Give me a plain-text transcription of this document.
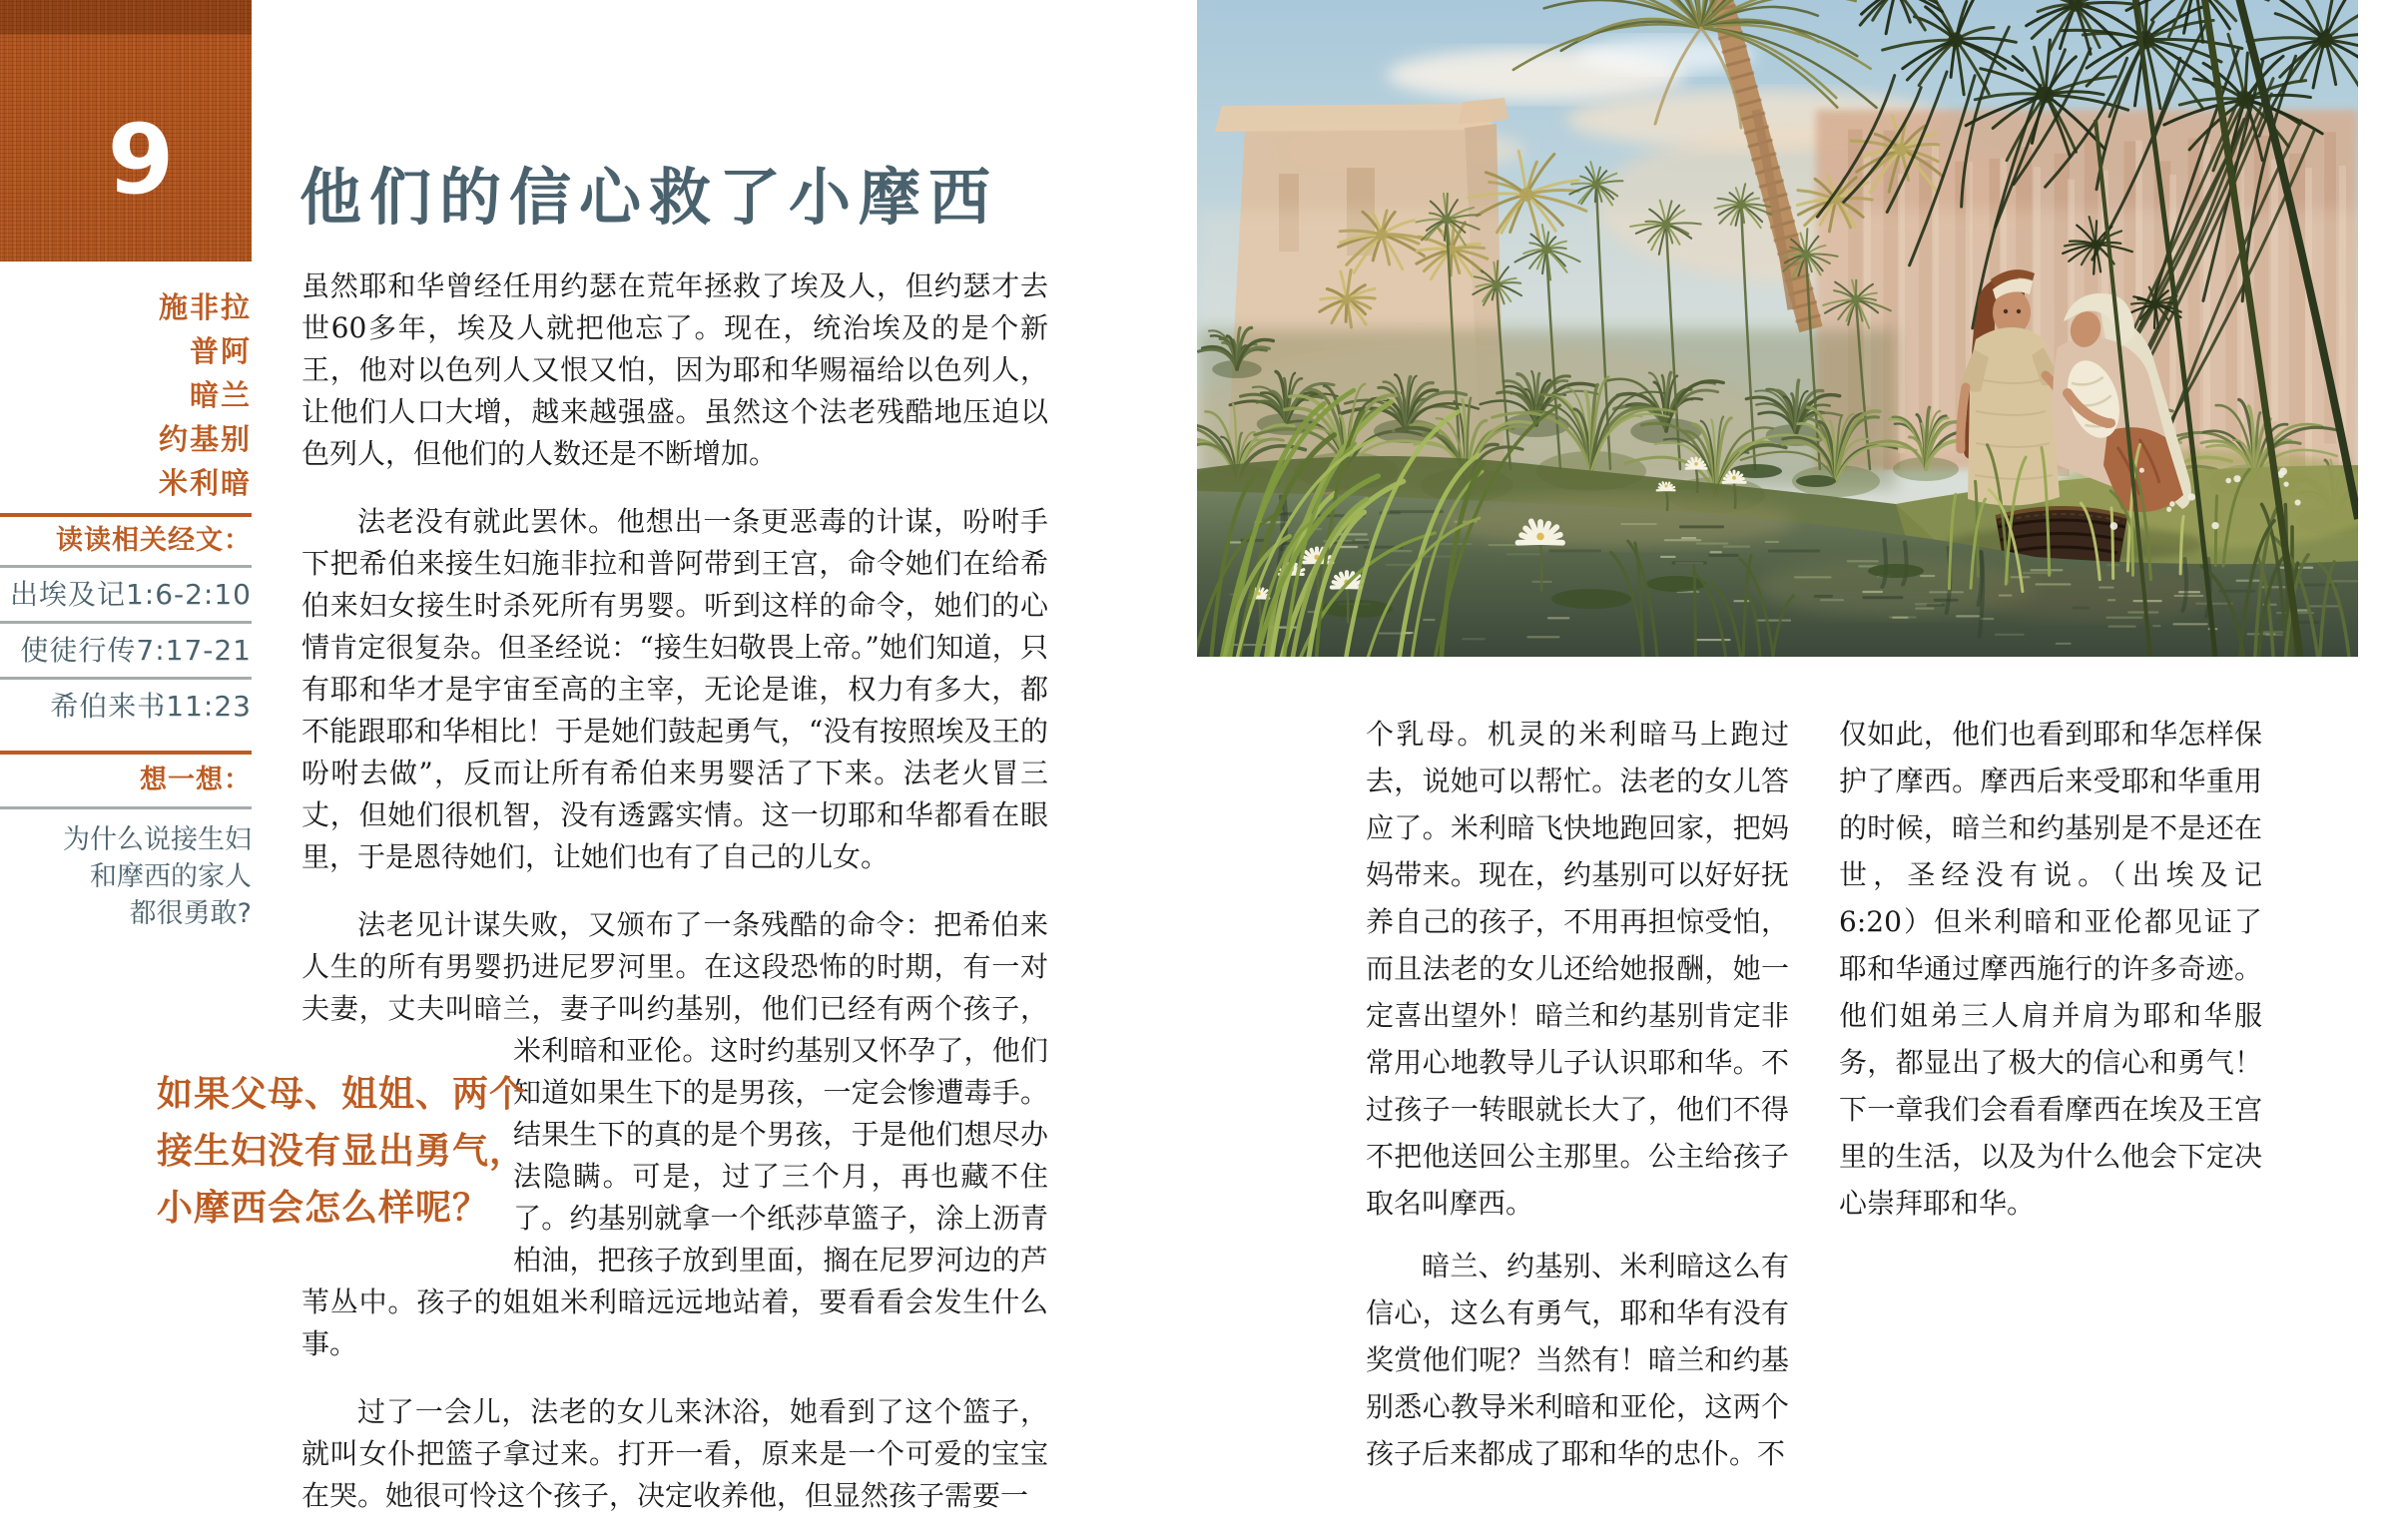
9
施非拉
普阿
暗兰
约基别
米利暗
读读相关经文：
出埃及记1:6-2:10
使徒行传7:17-21
希伯来书11:23
想一想：
为什么说接生妇
和摩西的家人
都很勇敢?
他们的信心救了小摩西

虽然耶和华曾经任用约瑟在荒年拯救了埃及人，但约瑟才去世60多年，埃及人就把他忘了。现在，统治埃及的是个新王，他对以色列人又恨又怕，因为耶和华赐福给以色列人，让他们人口大增，越来越强盛。虽然这个法老残酷地压迫以色列人，但他们的人数还是不断增加。

法老没有就此罢休。他想出一条更恶毒的计谋，吩咐手下把希伯来接生妇施非拉和普阿带到王宫，命令她们在给希伯来妇女接生时杀死所有男婴。听到这样的命令，她们的心情肯定很复杂。但圣经说：“接生妇敬畏上帝。”她们知道，只有耶和华才是宇宙至高的主宰，无论是谁，权力有多大，都不能跟耶和华相比！于是她们鼓起勇气，“没有按照埃及王的吩咐去做”，反而让所有希伯来男婴活了下来。法老火冒三丈，但她们很机智，没有透露实情。这一切耶和华都看在眼里，于是恩待她们，让她们也有了自己的儿女。

法老见计谋失败，又颁布了一条残酷的命令：把希伯来人生的所有男婴扔进尼罗河里。在这段恐怖的时期，有一对夫妻，丈夫叫暗兰，妻子叫约基别，他们已经有两个孩子，米利暗和亚伦。这时约基别又怀孕了，他们知道如果生下的是男孩，一定会惨遭毒手。结果生下的真的是个男孩，于是他们想尽办法隐瞒。可是，过了三个月，再也藏不住了。约基别就拿一个纸莎草篮子，涂上沥青柏油，把孩子放到里面，搁在尼罗河边的芦苇丛中。孩子的姐姐米利暗远远地站着，要看看会发生什么事。

过了一会儿，法老的女儿来沐浴，她看到了这个篮子，就叫女仆把篮子拿过来。打开一看，原来是一个可爱的宝宝在哭。她很可怜这个孩子，决定收养他，但显然孩子需要一

如果父母、姐姐、两个
接生妇没有显出勇气，
小摩西会怎么样呢？

个乳母。机灵的米利暗马上跑过去，说她可以帮忙。法老的女儿答应了。米利暗飞快地跑回家，把妈妈带来。现在，约基别可以好好抚养自己的孩子，不用再担惊受怕，而且法老的女儿还给她报酬，她一定喜出望外！暗兰和约基别肯定非常用心地教导儿子认识耶和华。不过孩子一转眼就长大了，他们不得不把他送回公主那里。公主给孩子取名叫摩西。

暗兰、约基别、米利暗这么有信心，这么有勇气，耶和华有没有奖赏他们呢？当然有！暗兰和约基别悉心教导米利暗和亚伦，这两个孩子后来都成了耶和华的忠仆。不

仅如此，他们也看到耶和华怎样保护了摩西。摩西后来受耶和华重用的时候，暗兰和约基别是不是还在世，圣经没有说。（出埃及记6:20）但米利暗和亚伦都见证了耶和华通过摩西施行的许多奇迹。他们姐弟三人肩并肩为耶和华服务，都显出了极大的信心和勇气！下一章我们会看看摩西在埃及王宫里的生活，以及为什么他会下定决心崇拜耶和华。
